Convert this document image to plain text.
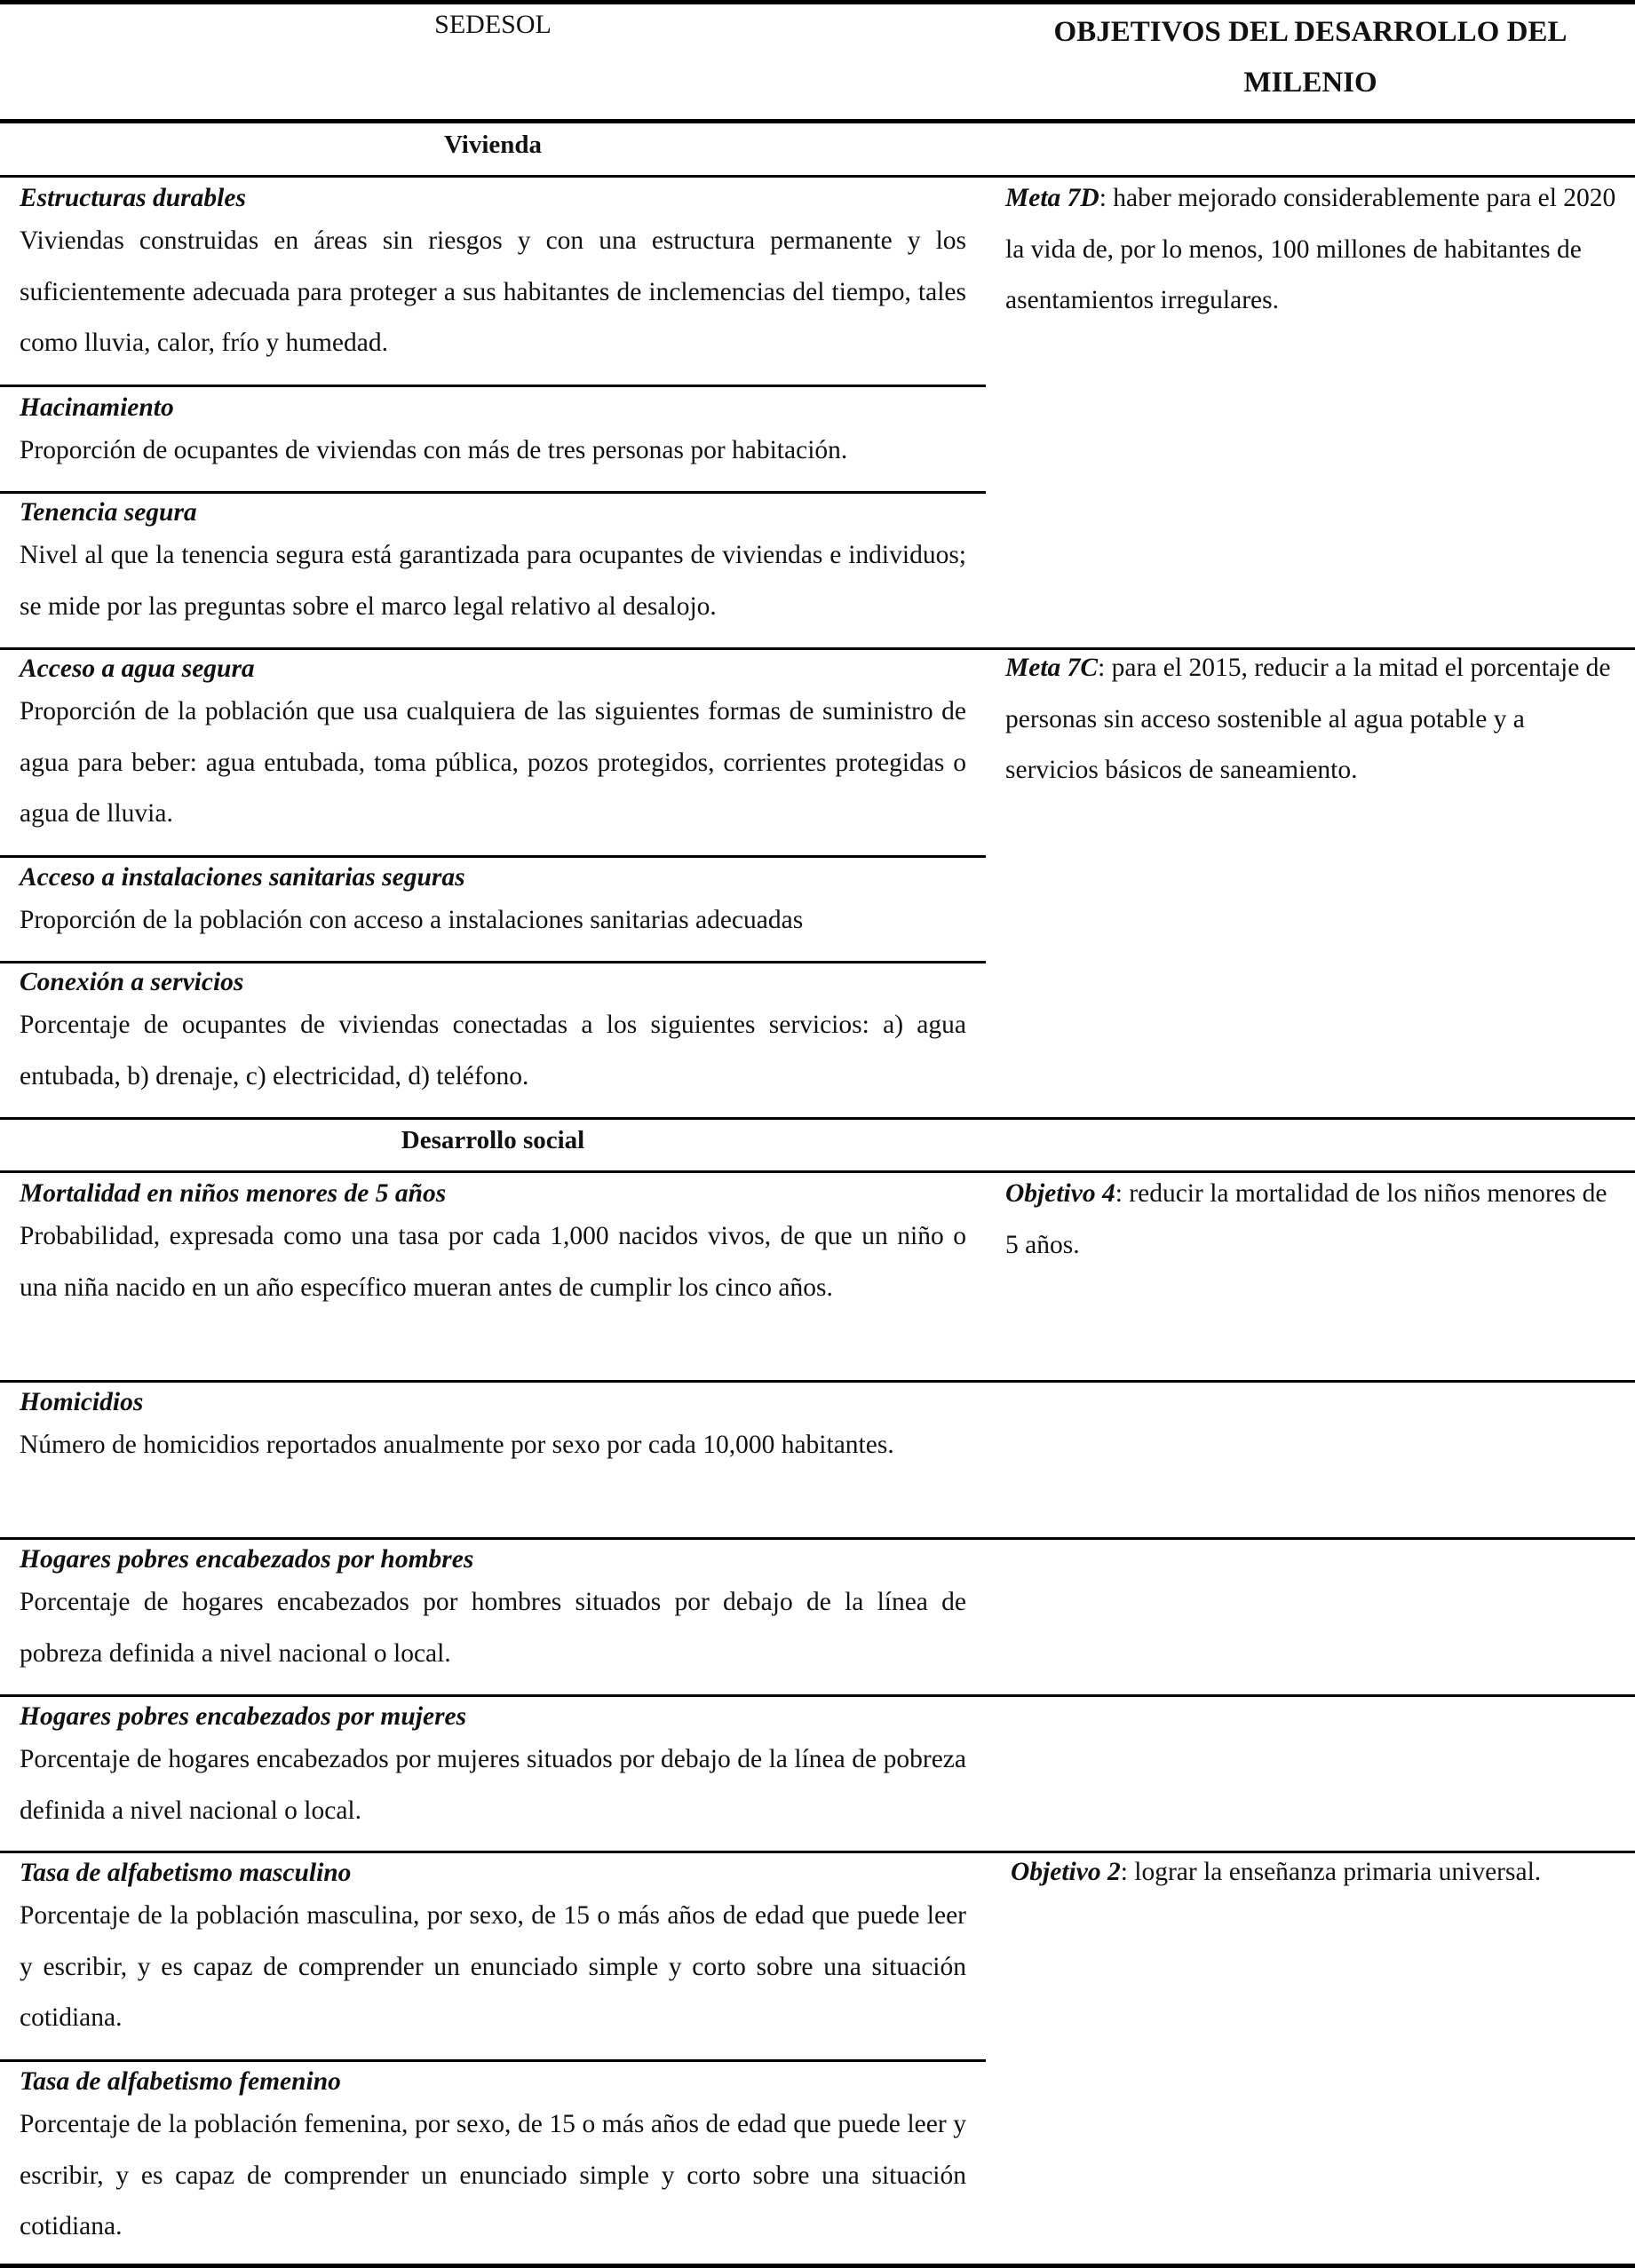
SEDESOL	OBJETIVOS DEL DESARROLLO DEL MILENIO
Vivienda
Desarrollo social
Estructuras durables
Viviendas construidas en áreas sin riesgos y con una estructura permanente y los suficientemente adecuada para proteger a sus habitantes de inclemencias del tiempo, tales como lluvia, calor, frío y humedad.
Hacinamiento
Proporción de ocupantes de viviendas con más de tres personas por habitación.
Tenencia segura
Nivel al que la tenencia segura está garantizada para ocupantes de viviendas e individuos; se mide por las preguntas sobre el marco legal relativo al desalojo.
Acceso a agua segura
Proporción de la población que usa cualquiera de las siguientes formas de suministro de agua para beber: agua entubada, toma pública, pozos protegidos, corrientes protegidas o agua de lluvia.
Acceso a instalaciones sanitarias seguras
Proporción de la población con acceso a instalaciones sanitarias adecuadas
Conexión a servicios
Porcentaje de ocupantes de viviendas conectadas a los siguientes servicios: a) agua entubada, b) drenaje, c) electricidad, d) teléfono.
Mortalidad en niños menores de 5 años
Probabilidad, expresada como una tasa por cada 1,000 nacidos vivos, de que un niño o una niña nacido en un año específico mueran antes de cumplir los cinco años.
Homicidios
Número de homicidios reportados anualmente por sexo por cada 10,000 habitantes.
Hogares pobres encabezados por hombres
Porcentaje de hogares encabezados por hombres situados por debajo de la línea de pobreza definida a nivel nacional o local.
Hogares pobres encabezados por mujeres
Porcentaje de hogares encabezados por mujeres situados por debajo de la línea de pobreza definida a nivel nacional o local.
Tasa de alfabetismo masculino
Porcentaje de la población masculina, por sexo, de 15 o más años de edad que puede leer y escribir, y es capaz de comprender un enunciado simple y corto sobre una situación cotidiana.
Tasa de alfabetismo femenino
Porcentaje de la población femenina, por sexo, de 15 o más años de edad que puede leer y escribir, y es capaz de comprender un enunciado simple y corto sobre una situación cotidiana.
Meta 7D: haber mejorado considerablemente para el 2020 la vida de, por lo menos, 100 millones de habitantes de asentamientos irregulares.
Meta 7C: para el 2015, reducir a la mitad el porcentaje de personas sin acceso sostenible al agua potable y a servicios básicos de saneamiento.
Objetivo 4: reducir la mortalidad de los niños menores de 5 años.
Objetivo 2: lograr la enseñanza primaria universal.
